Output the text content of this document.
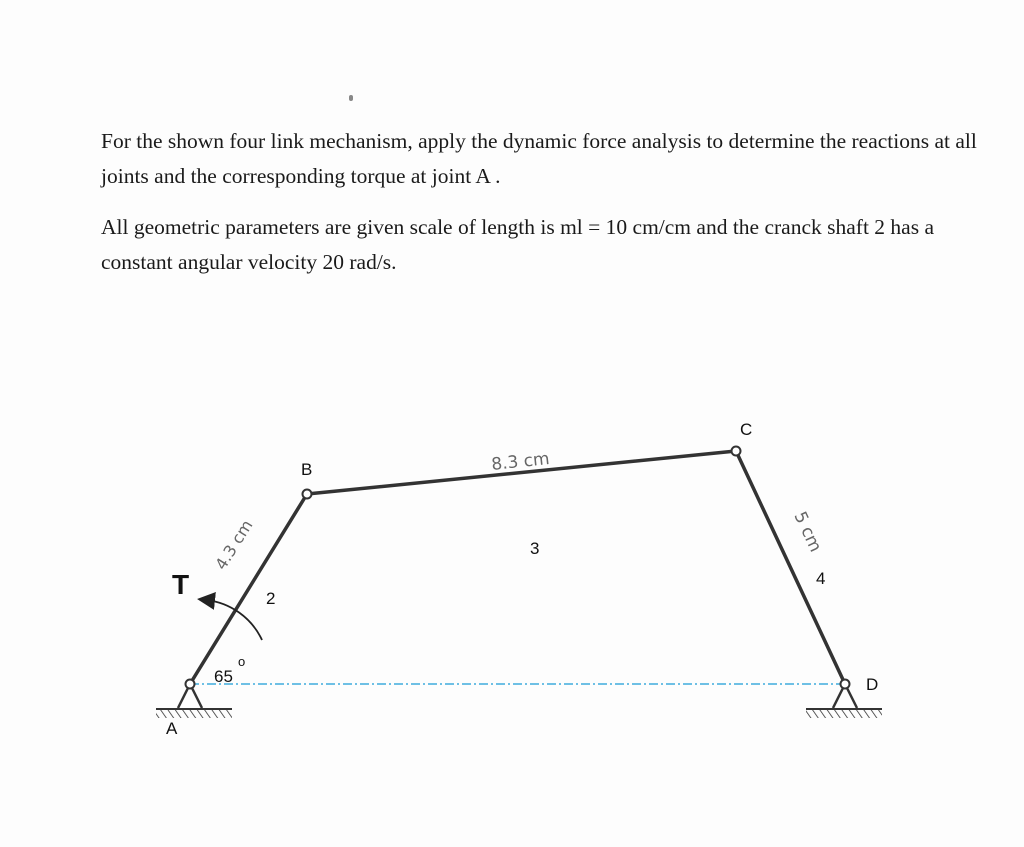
For the shown four link mechanism, apply the dynamic force analysis to determine the reactions at all joints and the corresponding torque at joint A .

All geometric parameters are given scale of length is ml = 10 cm/cm and the cranck shaft 2 has a constant angular velocity 20 rad/s.

A
B
C
D
2
3
4
T
65
o
4.3 cm
8.3 cm
5 cm
